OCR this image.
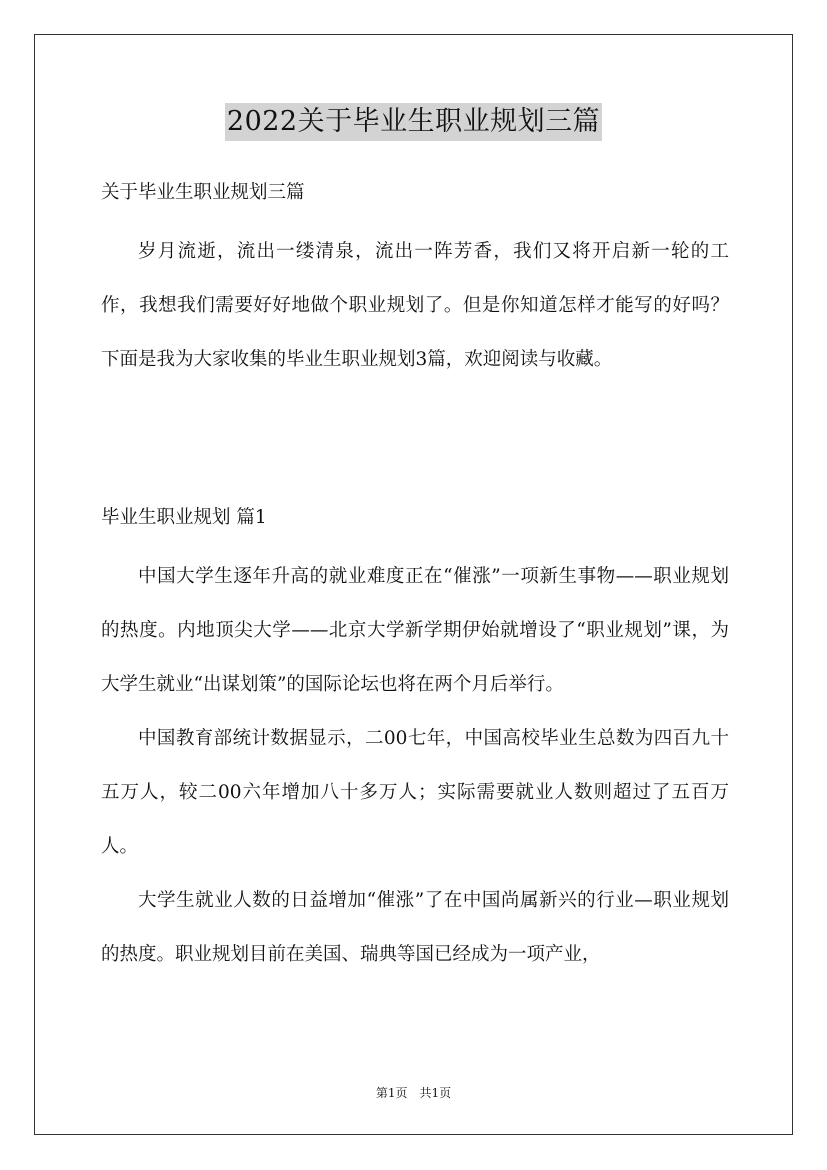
2022关于毕业生职业规划三篇
关于毕业生职业规划三篇

岁月流逝，流出一缕清泉，流出一阵芳香，我们又将开启新一轮的工作，我想我们需要好好地做个职业规划了。但是你知道怎样才能写的好吗？下面是我为大家收集的毕业生职业规划3篇，欢迎阅读与收藏。

毕业生职业规划 篇1

中国大学生逐年升高的就业难度正在“催涨”一项新生事物——职业规划的热度。内地顶尖大学——北京大学新学期伊始就增设了“职业规划”课，为大学生就业“出谋划策”的国际论坛也将在两个月后举行。

中国教育部统计数据显示，二00七年，中国高校毕业生总数为四百九十五万人，较二00六年增加八十多万人；实际需要就业人数则超过了五百万人。

大学生就业人数的日益增加“催涨”了在中国尚属新兴的行业—职业规划的热度。职业规划目前在美国、瑞典等国已经成为一项产业，

第1页　共1页
